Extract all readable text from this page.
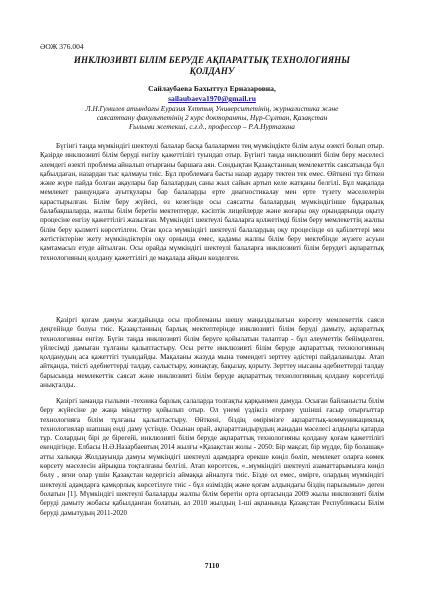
ӘОЖ 376.004
ИНКЛЮЗИВТІ БІЛІМ БЕРУДЕ АҚПАРАТТЫҚ ТЕХНОЛОГИЯНЫ ҚОЛДАНУ
Сайлаубаева Бахыттул Ерназаровна,
sailaubaeva1970@gmail.ru
Л.Н.Гумилев атындағы Еуразия Ұлттық Университетінің, журналистика және
саясаттану факультетінің 2 курс докторанты, Нұр-Сұлтан, Қазақстан
Ғылыми жетекші, с.ғ.д., профессор – Р.А.Нуртазина

Бүгінгі таңда мүмкіндігі шектеулі балалар басқа балалармен тең мүмкіндікте білім алуы өзекті болып отыр. Қазірде инклюзивті білім беруді енгізу қажеттілігі туындап отыр. Бүгінгі таңда инклюзивті білім беру мәселесі әлемдегі өзекті проблема айналып отырғаны баршаға аян. Сондықтан Қазақстанның мемлекеттік саясатында бұл қабылдаған, назардан тыс қалмауы тиіс. Бұл проблемаға басты назар аудару тектен тек емес. Өйткені тұз біткен және жүре пайда болған ақаулары бар балалардың саны жыл сайын артып келе жатқаны белгілі. Бұл мақалада мемлекет ранцундаға ауытқулары бар балаларды ерте диагностикалау мен ерте түзету мәселелерін қарастырылған. Білім беру жүйесі, өз кезегінде осы саясатты балалардың мүмкіндігінше бұқаралық балабақшаларда, жалпы білім беретін мектептерде, кәсіптік лицейлерде және жоғары оқу орындарында оқыту процесіне енгізу қажеттілігі жазылған. Мүмкіндігі шектеулі балаларға қолжетімді білім беру мемлекеттің жалпы білім беру қызметі көрсетілген. Оған қоса мүмкіндігі шектеулі балалардың оқу процесінде өз қабілеттері мен жетістіктеріне жету мүмкіндіктерін оқу орнында емес, қадамы жалпы білім беру мектебінде жүзеге асуын қамтамасыз етуде айтылған. Осы орайда мүмкіндігі шектеулі балаларға инклюзивті білім берудегі ақпараттық технологияның қолдану қажеттілігі де мақалада айқын көзделген.

Қазіргі қоғам дамуы жағдайында осы проблеманы шешу маңыздылығын көрсету мемлекеттік саяси деңгейінде болуы тиіс. Қазақстанның барлық мектептерінде инклюзивті білім беруді дамыту, ақпараттық технологияны енгізу. Бүгін таңда инклюзивті білім беруге қойылатын талаптар - бұл әлеуметтік бейімделген, үйлесімді дамыған тұлғаны қалыптастыру. Осы ретте инклюзивті білім беруде ақпараттық технологияның қолданудың аса қажеттігі туындайды. Мақаланы жазуда мына төмендегі зерттеу әдістері пайдаланылды. Атап айтқанда, тиісті әдебиеттерді талдау, салыстыру, жинақтау, бақылау, қорыту. Зерттеу нысаны әдебиеттерді талдау барысында мемлекеттік саясат және инклюзивті білім беруде ақпараттық технологияның қолдану көрсетілді анықталды.

Қазіргі заманда ғылыми -техника барлық салаларда толғақты қарқынмен дамуда. Осыған байланысты білім беру жүйесіне де жаңа міндеттер қойылып отыр. Ол үнемі үздіксіз егерлеу үшінші ғасыр отырғыттар технологияға білім тұлғаны қалыптастыру. Өйткені, біздің өмірімізге ақпараттық-коммуникациялық технологиялар шапшаң енді даму үстінде. Осынан орай, ақпараттандырудың жаңадан мәселесі алдыңғы қатарда тұр. Солардың бірі де бірегейі, инклюзивті білім беруде ақпараттық технологияны қолдану қоғам қажеттілігі екендігінде. Елбасы Н.Ә.Назарбаевтың 2014 жылғы «Қазақстан жолы - 2050: Бір мақсат, бір мүдде, бір болашақ» атты халыққа Жолдауында дамуы мүмкіндігі шектеулі адамдарға ерекше көңіл бөліп, мемлекет оларға көмек көрсету мәселесін айрықша тоқталғаны белгілі. Атап көрсетсек, «..мүмкіндігі шектеулі азаматтарымызға көңіл бөлу , яғни олар үшін Қазақстан кедергісіз аймаққа айналуға тиіс. Бізде ол емес, өмірге, олардың мүмкіндігі шектеулі адамдарға қамқорлық көрсетілуге тиіс - бұл өзіміздің және қоғам алдындағы біздің парызымыз» деген болатын [1]. Мүмкіндігі шектеулі балаларды жалпы білім беретін орта ортасында 2009 жылы инклюзивті білім беруді дамыту жобасы қабылданған болатын, ал 2010 жылдың 1-ші ақпанында Қазақстан Республикасы Білім беруді дамытудың 2011-2020

7110
